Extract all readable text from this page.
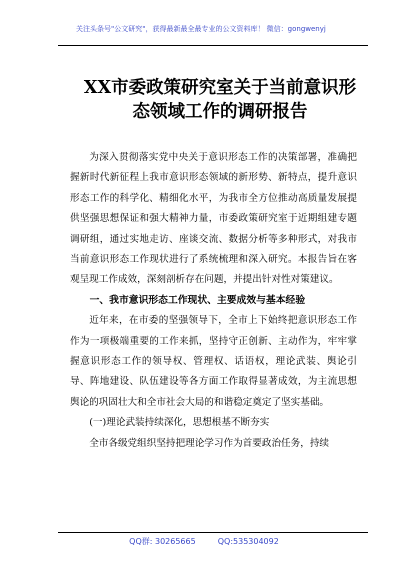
关注头条号"公文研究"，获得最新最全最专业的公文资料库！ 微信：gongwenyj
XX市委政策研究室关于当前意识形
态领域工作的调研报告

为深入贯彻落实党中央关于意识形态工作的决策部署，准确把握新时代新征程上我市意识形态领域的新形势、新特点，提升意识形态工作的科学化、精细化水平，为我市全方位推动高质量发展提供坚强思想保证和强大精神力量，市委政策研究室于近期组建专题调研组，通过实地走访、座谈交流、数据分析等多种形式，对我市当前意识形态工作现状进行了系统梳理和深入研究。本报告旨在客观呈现工作成效，深刻剖析存在问题，并提出针对性对策建议。

一、我市意识形态工作现状、主要成效与基本经验

近年来，在市委的坚强领导下，全市上下始终把意识形态工作作为一项极端重要的工作来抓，坚持守正创新、主动作为，牢牢掌握意识形态工作的领导权、管理权、话语权，理论武装、舆论引导、阵地建设、队伍建设等各方面工作取得显著成效，为主流思想舆论的巩固壮大和全市社会大局的和谐稳定奠定了坚实基础。

(一)理论武装持续深化，思想根基不断夯实

全市各级党组织坚持把理论学习作为首要政治任务，持续

QQ群: 30265665	QQ:535304092
